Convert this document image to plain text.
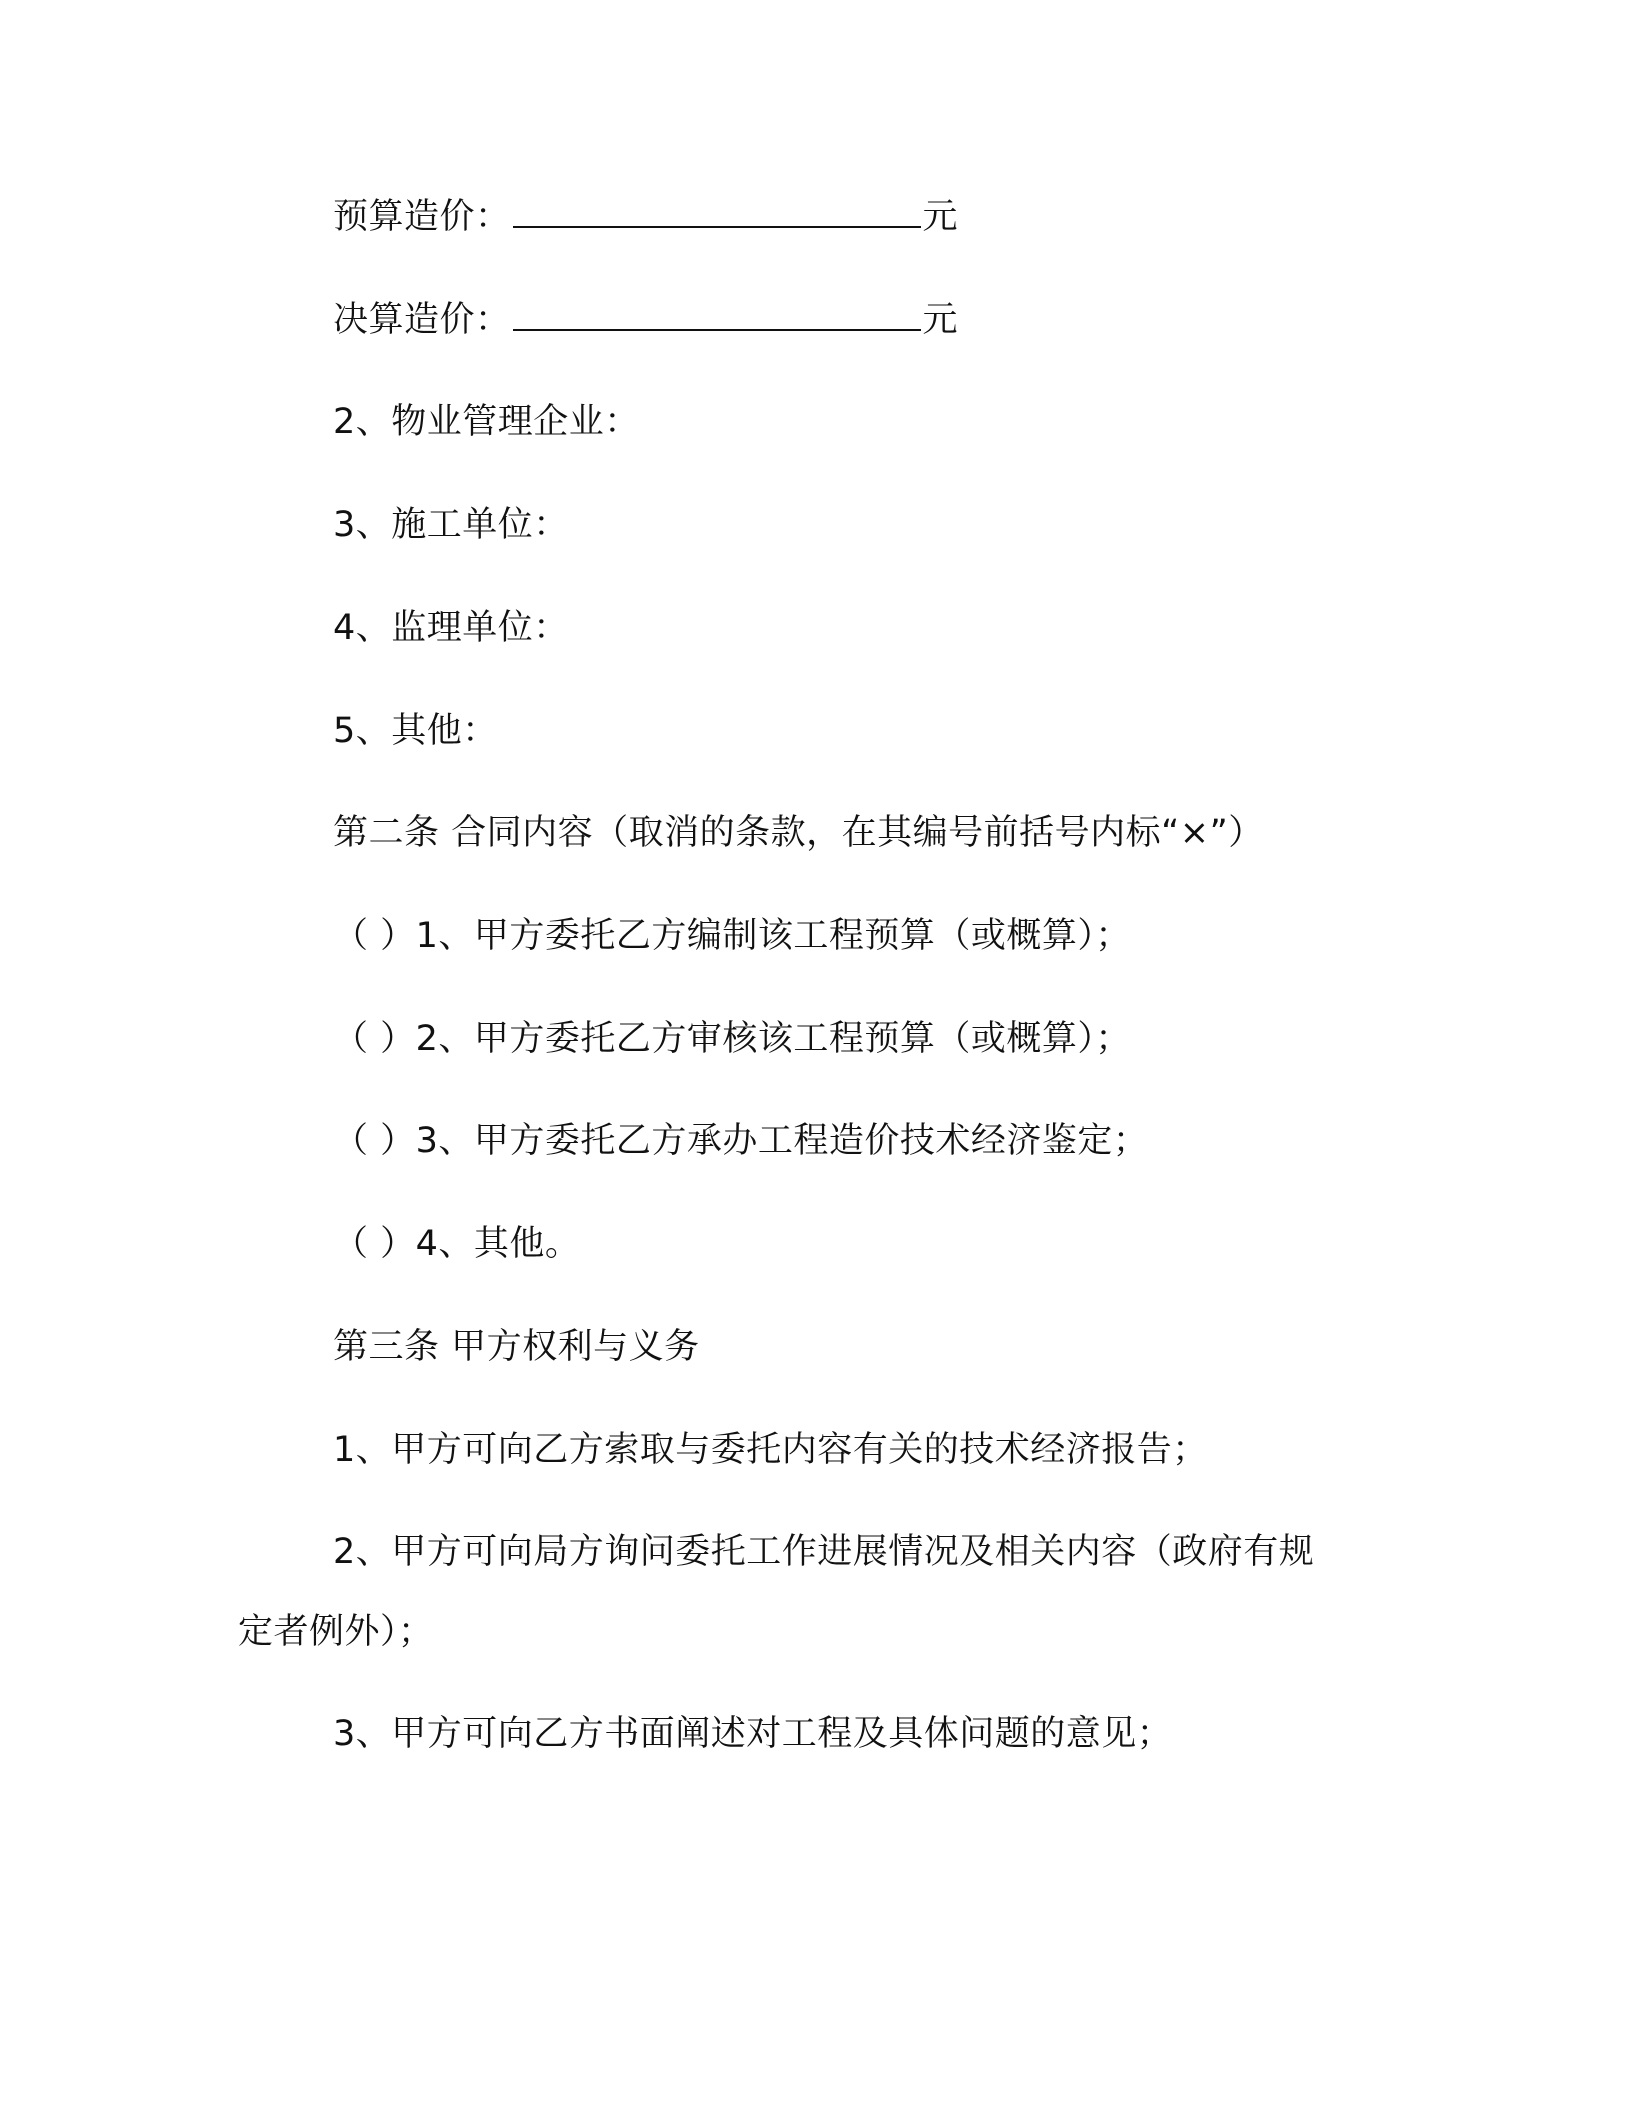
预算造价：	元
决算造价：	元
2、物业管理企业：
3、施工单位：
4、监理单位：
5、其他：
第二条 合同内容（取消的条款，在其编号前括号内标“×”）
（ ）1、甲方委托乙方编制该工程预算（或概算）；
（ ）2、甲方委托乙方审核该工程预算（或概算）；
（ ）3、甲方委托乙方承办工程造价技术经济鉴定；
（ ）4、其他。
第三条 甲方权利与义务
1、甲方可向乙方索取与委托内容有关的技术经济报告；
2、甲方可向局方询问委托工作进展情况及相关内容（政府有规
定者例外）；
3、甲方可向乙方书面阐述对工程及具体问题的意见；
